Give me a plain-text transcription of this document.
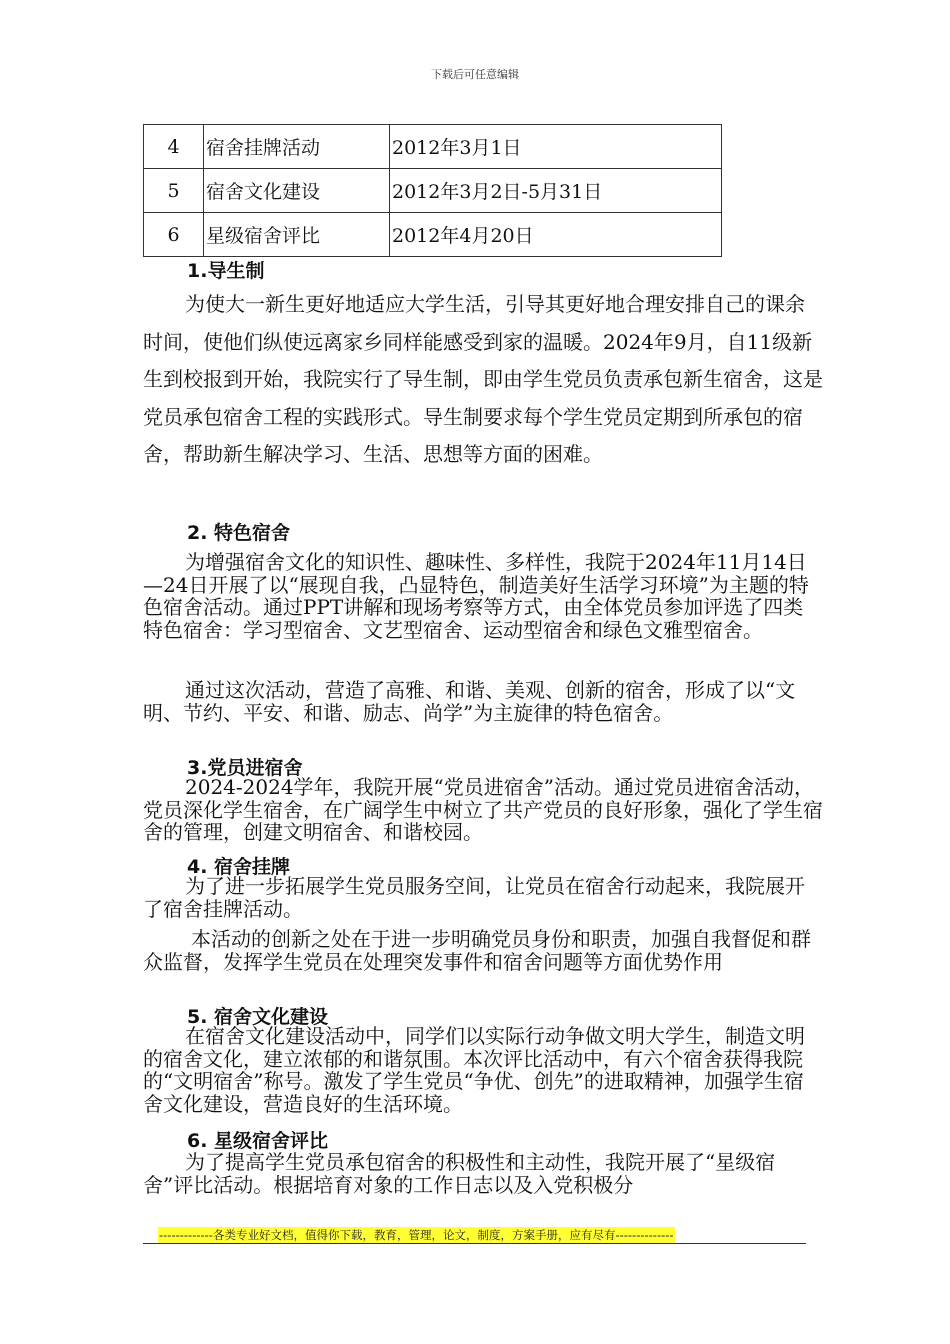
下载后可任意编辑
4	宿舍挂牌活动	2012年3月1日
5	宿舍文化建设	2012年3月2日-5月31日
6	星级宿舍评比	2012年4月20日
1.导生制
为使大一新生更好地适应大学生活，引导其更好地合理安排自己的课余时间，使他们纵使远离家乡同样能感受到家的温暖。2024年9月，自11级新生到校报到开始，我院实行了导生制，即由学生党员负责承包新生宿舍，这是党员承包宿舍工程的实践形式。导生制要求每个学生党员定期到所承包的宿舍，帮助新生解决学习、生活、思想等方面的困难。
2. 特色宿舍
为增强宿舍文化的知识性、趣味性、多样性，我院于2024年11月14日—24日开展了以“展现自我，凸显特色，制造美好生活学习环境”为主题的特色宿舍活动。通过PPT讲解和现场考察等方式，由全体党员参加评选了四类特色宿舍：学习型宿舍、文艺型宿舍、运动型宿舍和绿色文雅型宿舍。
通过这次活动，营造了高雅、和谐、美观、创新的宿舍，形成了以“文明、节约、平安、和谐、励志、尚学”为主旋律的特色宿舍。
3.党员进宿舍
2024-2024学年，我院开展“党员进宿舍”活动。通过党员进宿舍活动，党员深化学生宿舍，在广阔学生中树立了共产党员的良好形象，强化了学生宿舍的管理，创建文明宿舍、和谐校园。
4. 宿舍挂牌
为了进一步拓展学生党员服务空间，让党员在宿舍行动起来，我院展开了宿舍挂牌活动。
本活动的创新之处在于进一步明确党员身份和职责，加强自我督促和群众监督，发挥学生党员在处理突发事件和宿舍问题等方面优势作用
5. 宿舍文化建设
在宿舍文化建设活动中，同学们以实际行动争做文明大学生，制造文明的宿舍文化，建立浓郁的和谐氛围。本次评比活动中，有六个宿舍获得我院的“文明宿舍”称号。激发了学生党员“争优、创先”的进取精神，加强学生宿舍文化建设，营造良好的生活环境。
6. 星级宿舍评比
为了提高学生党员承包宿舍的积极性和主动性，我院开展了“星级宿舍”评比活动。根据培育对象的工作日志以及入党积极分
-------------各类专业好文档，值得你下载，教育，管理，论文，制度，方案手册，应有尽有--------------
